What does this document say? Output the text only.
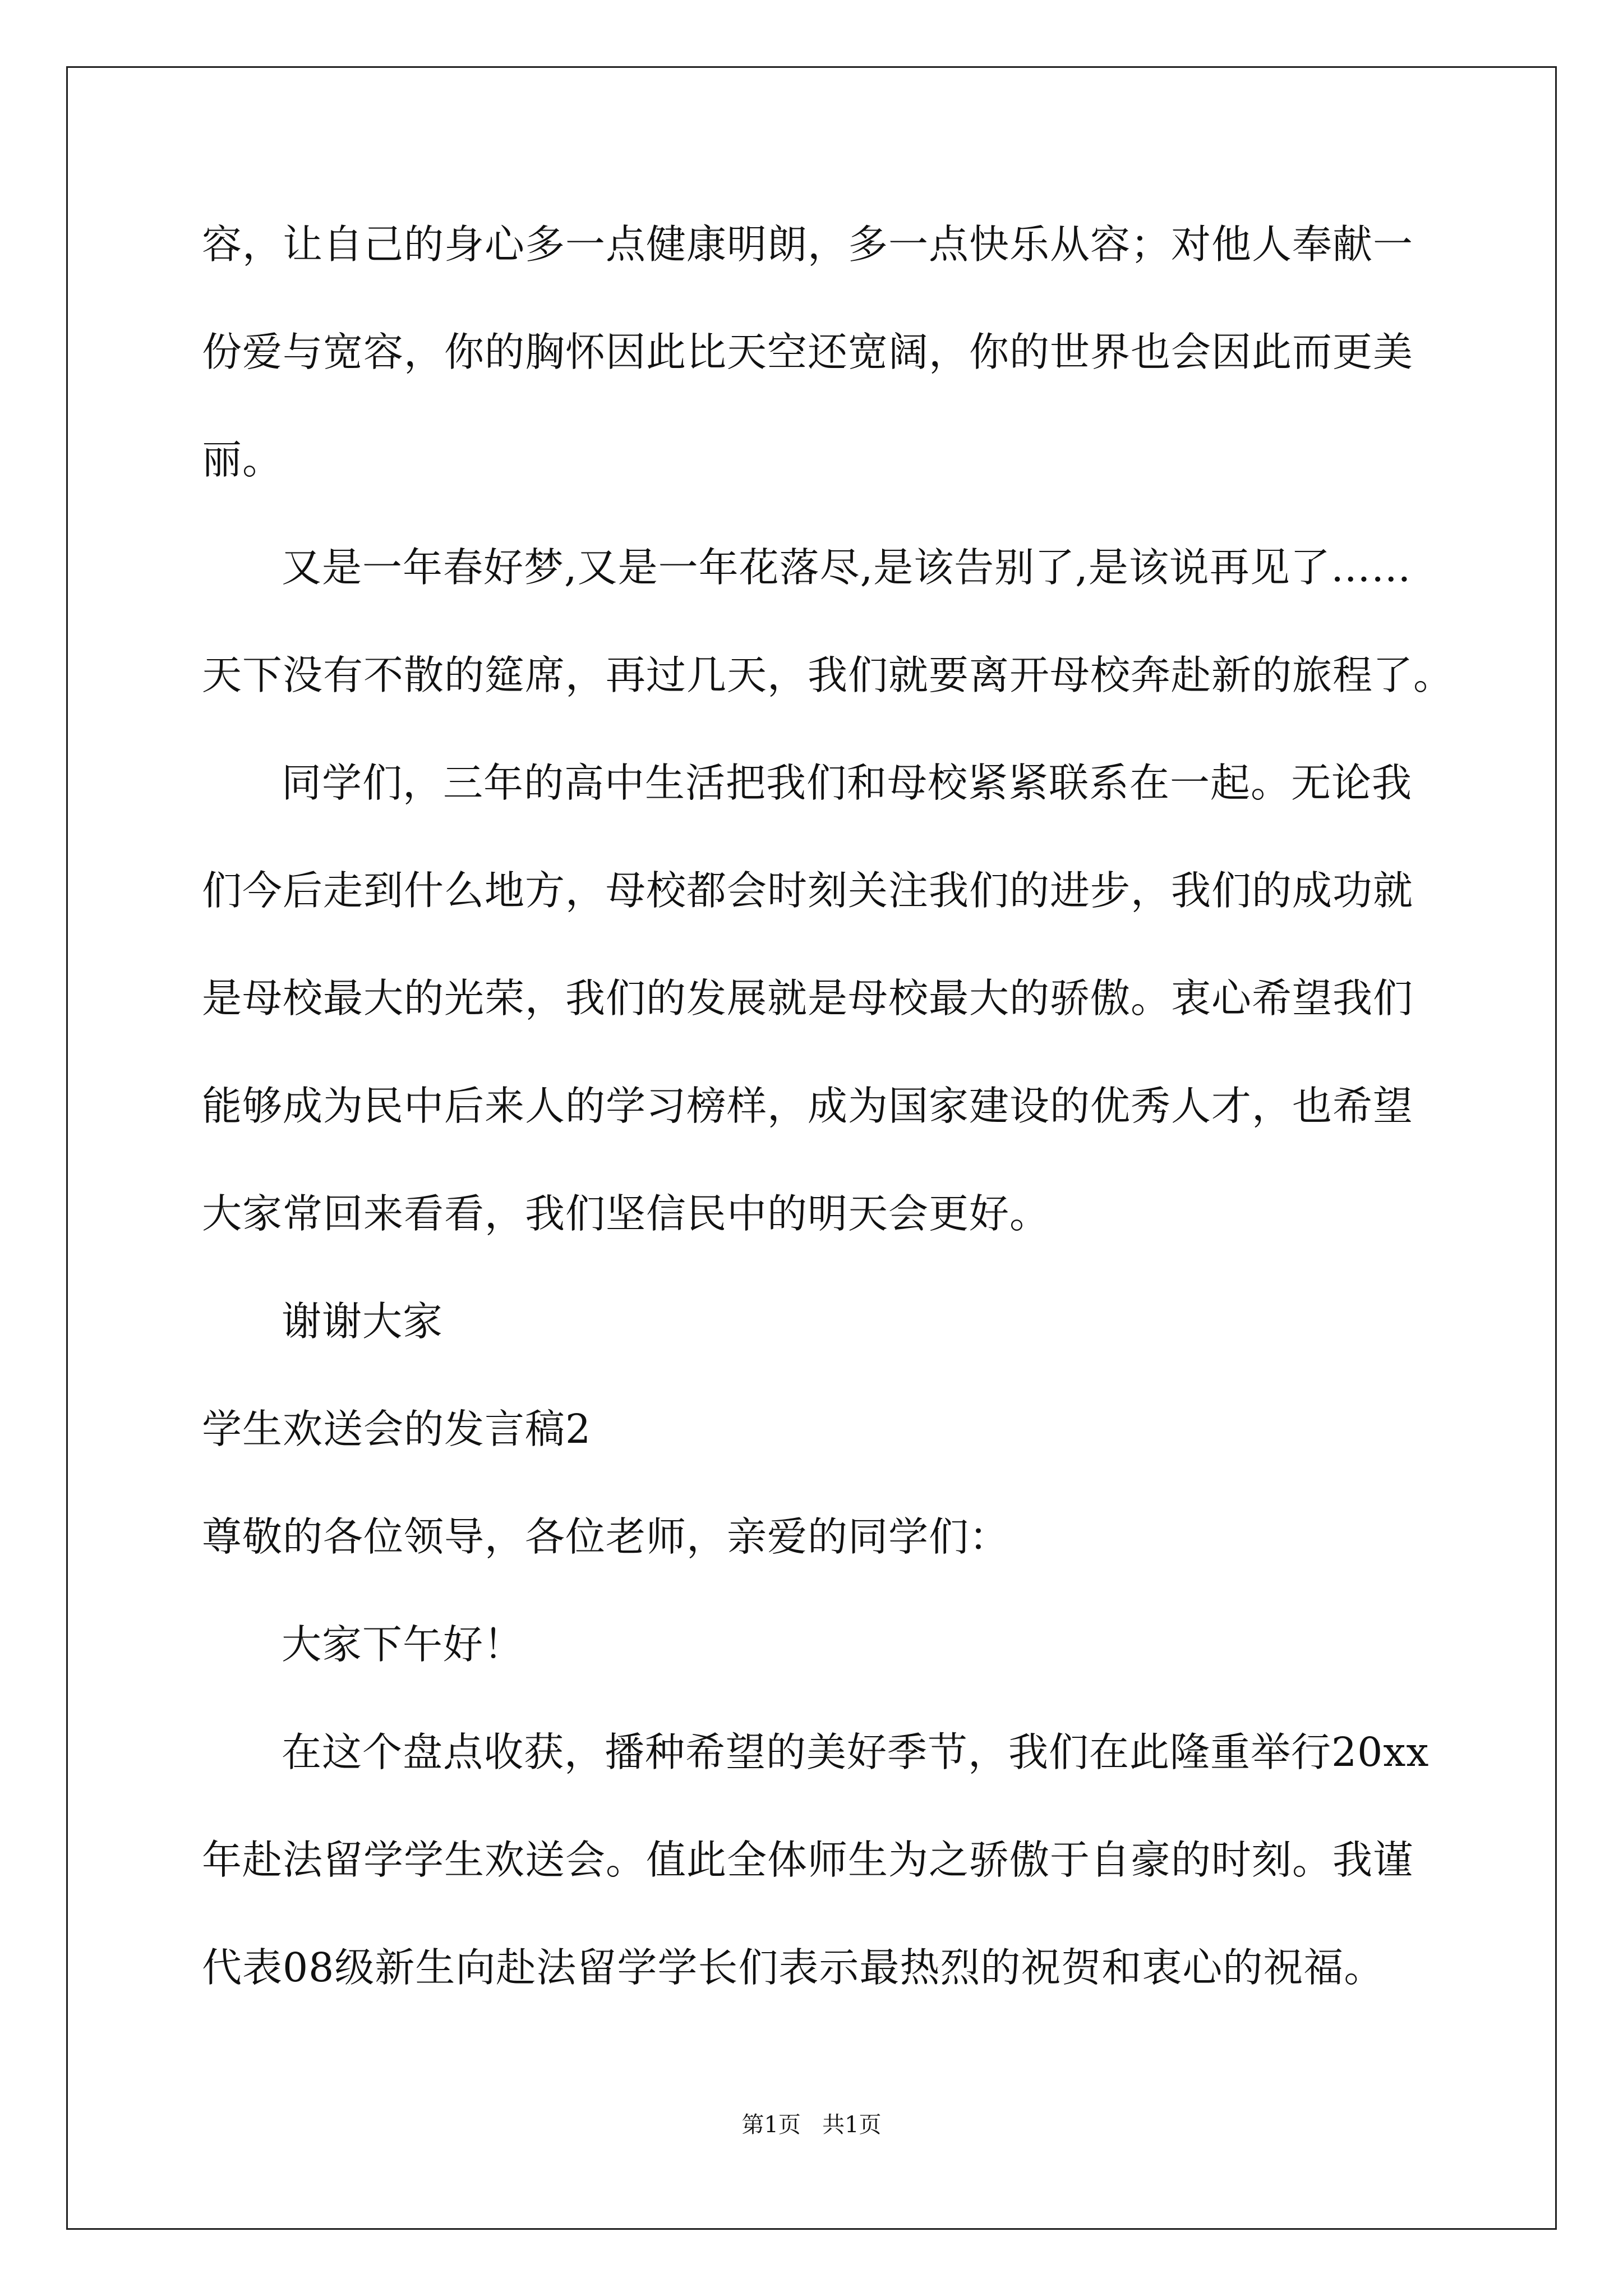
容，让自己的身心多一点健康明朗，多一点快乐从容；对他人奉献一
份爱与宽容，你的胸怀因此比天空还宽阔，你的世界也会因此而更美
丽。
又是一年春好梦,又是一年花落尽,是该告别了,是该说再见了……
天下没有不散的筵席，再过几天，我们就要离开母校奔赴新的旅程了。
同学们，三年的高中生活把我们和母校紧紧联系在一起。无论我
们今后走到什么地方，母校都会时刻关注我们的进步，我们的成功就
是母校最大的光荣，我们的发展就是母校最大的骄傲。衷心希望我们
能够成为民中后来人的学习榜样，成为国家建设的优秀人才，也希望
大家常回来看看，我们坚信民中的明天会更好。
谢谢大家
学生欢送会的发言稿2
尊敬的各位领导，各位老师，亲爱的同学们：
大家下午好！
在这个盘点收获，播种希望的美好季节，我们在此隆重举行20xx
年赴法留学学生欢送会。值此全体师生为之骄傲于自豪的时刻。我谨
代表08级新生向赴法留学学长们表示最热烈的祝贺和衷心的祝福。
第1页 共1页
